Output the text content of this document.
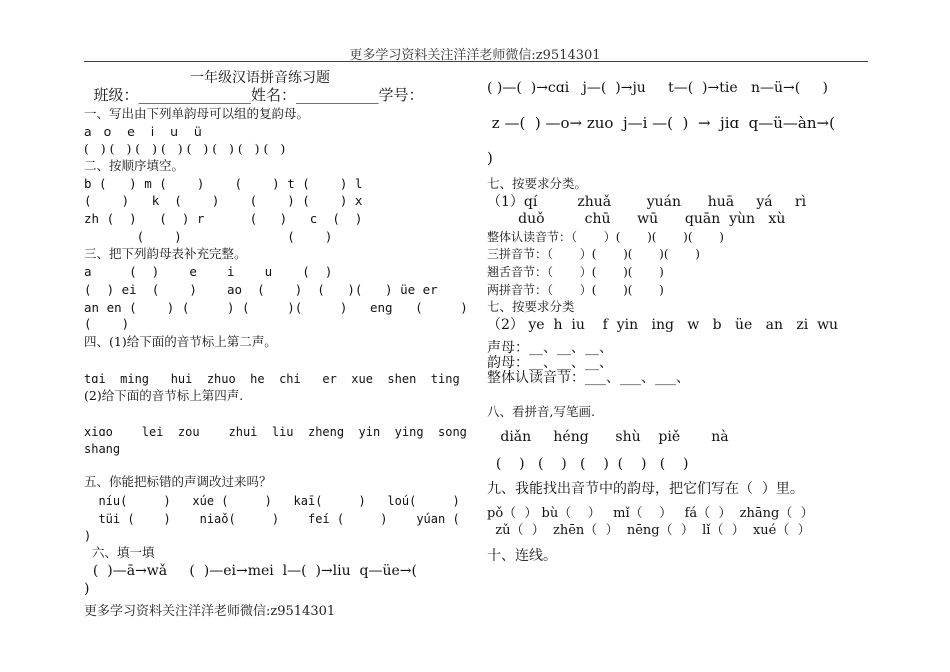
更多学习资料关注洋洋老师微信:z9514301
一年级汉语拼音练习题
班级：_______________姓名：___________学号：
一、写出由下列单韵母可以组的复韵母。
a   o    e    i    u    ü
(   ) (   ) (   ) (   ) (   ) (   ) (   ) (   )
二、按顺序填空。
b (   ) m (    )    (    ) t (    ) l
(    )   k  (    )    (    ) (    ) x
zh (  )   (  ) r      (   )   c  (  )
(    )              (    )
三、把下列韵母表补充完整。
a     (  )    e    i    u    (  )
(  ) ei  (    )    ao  (    )  (   )(   ) üe er
an en (    ) (     ) (     )(     )   eng   (     )
(    )
四、(1)给下面的音节标上第二声。
tɑi  ming   hui  zhuo  he  chi   er  xue  shen  ting
(2)给下面的音节标上第四声.
xiɑo    lei  zou    zhui  liu  zheng  yin  ying  song
shang
五、你能把标错的声调改过来吗？
níu(     )   xúe (     )   kaī(     )   loú(     )
tüi (    )    niaǒ(     )    feí (     )    yúan (
)
六、填一填
(  )—ā→wǎ     (  )—ei→mei  l—(  )→liu  q—üe→(
)
更多学习资料关注洋洋老师微信:z9514301
( )—(  )→cɑi   j—(  )→ju     t—(  )→tie   n—ü→(     )
z —(  ) —o→ zuo  j—i —(  )  →  jiɑ  q—ü—àn→(
)
七、按要求分类。
（1）qí         zhuǎ        yuán      huā     yá     rì
duǒ         chū      wū      quān  yùn   xù
整体认读音节：（       ）(       )(       )(       )
三拼音节：（       ）(       )(       )(       )
翘舌音节：（       ）(       )(       )
两拼音节：（       ）(       )(       )
七、按要求分类
（2） ye  h  iu    f  yin   ing   w   b   üe   an   zi  wu
声母：__、__、__、
韵母：__、__、__、
整体认读音节：___、___、___、
八、看拼音,写笔画.
diǎn     héng      shù    piě       nà
(    )   (    )   (    )  (    )   (    )
九、我能找出音节中的韵母，把它们写在（  ）里。
pǒ（  ） bù（    ）   mǐ（    ）   fá（  ）  zhāng（  ）
zǔ（  ）  zhēn（  ）  nēng（  ）  lǐ（  ）  xué（  ）
十、连线。
